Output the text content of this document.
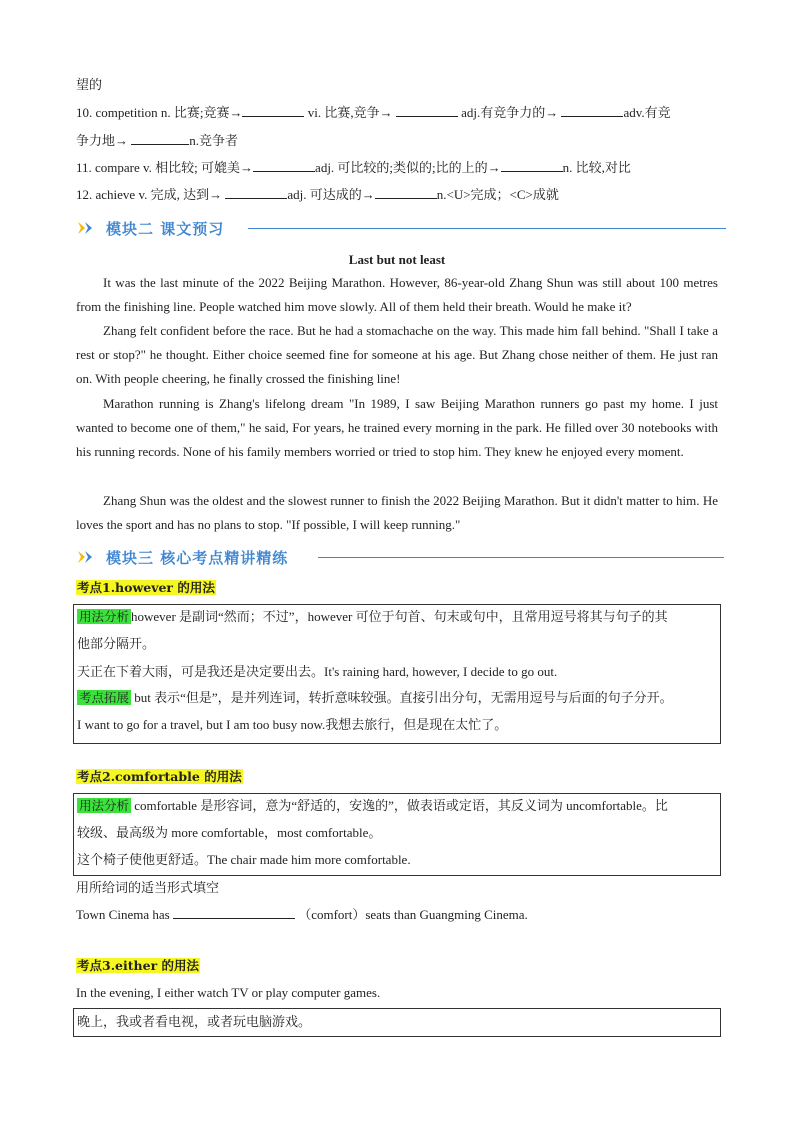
望的
10. competition n. 比赛;竞赛→	vi. 比赛,竞争→	adj.有竞争力的→	adv.有竞
争力地→	n.竞争者
11. compare v. 相比较; 可媲美→	adj. 可比较的;类似的;比的上的→	n. 比较,对比
12. achieve v. 完成, 达到→	adj. 可达成的→	n.<U>完成；<C>成就
模块二 课文预习
Last but not least
It was the last minute of the 2022 Beijing Marathon. However, 86-year-old Zhang Shun was still about 100 metres from the finishing line. People watched him move slowly. All of them held their breath. Would he make it?
Zhang felt confident before the race. But he had a stomachache on the way. This made him fall behind. "Shall I take a rest or stop?" he thought. Either choice seemed fine for someone at his age. But Zhang chose neither of them. He just ran on. With people cheering, he finally crossed the finishing line!
Marathon running is Zhang's lifelong dream "In 1989, I saw Beijing Marathon runners go past my home. I just wanted to become one of them," he said, For years, he trained every morning in the park. He filled over 30 notebooks with his running records. None of his family members worried or tried to stop him. They knew he enjoyed every moment.
Zhang Shun was the oldest and the slowest runner to finish the 2022 Beijing Marathon. But it didn't matter to him. He loves the sport and has no plans to stop. "If possible, I will keep running."
模块三 核心考点精讲精练
考点1.however 的用法
用法分析 however 是副词“然而；不过”，however 可位于句首、句末或句中，且常用逗号将其与句子的其
他部分隔开。
天正在下着大雨，可是我还是决定要出去。It's raining hard, however, I decide to go out.
考点拓展 but 表示“但是”，是并列连词，转折意味较强。直接引出分句，无需用逗号与后面的句子分开。
I want to go for a travel, but I am too busy now.我想去旅行，但是现在太忙了。
考点2.comfortable 的用法
用法分析 comfortable 是形容词，意为“舒适的，安逸的”，做表语或定语，其反义词为 uncomfortable。比
较级、最高级为 more comfortable，most comfortable。
这个椅子使他更舒适。The chair made him more comfortable.
用所给词的适当形式填空
Town Cinema has	（comfort）seats than Guangming Cinema.
考点3.either 的用法
In the evening, I either watch TV or play computer games.
晚上，我或者看电视，或者玩电脑游戏。
